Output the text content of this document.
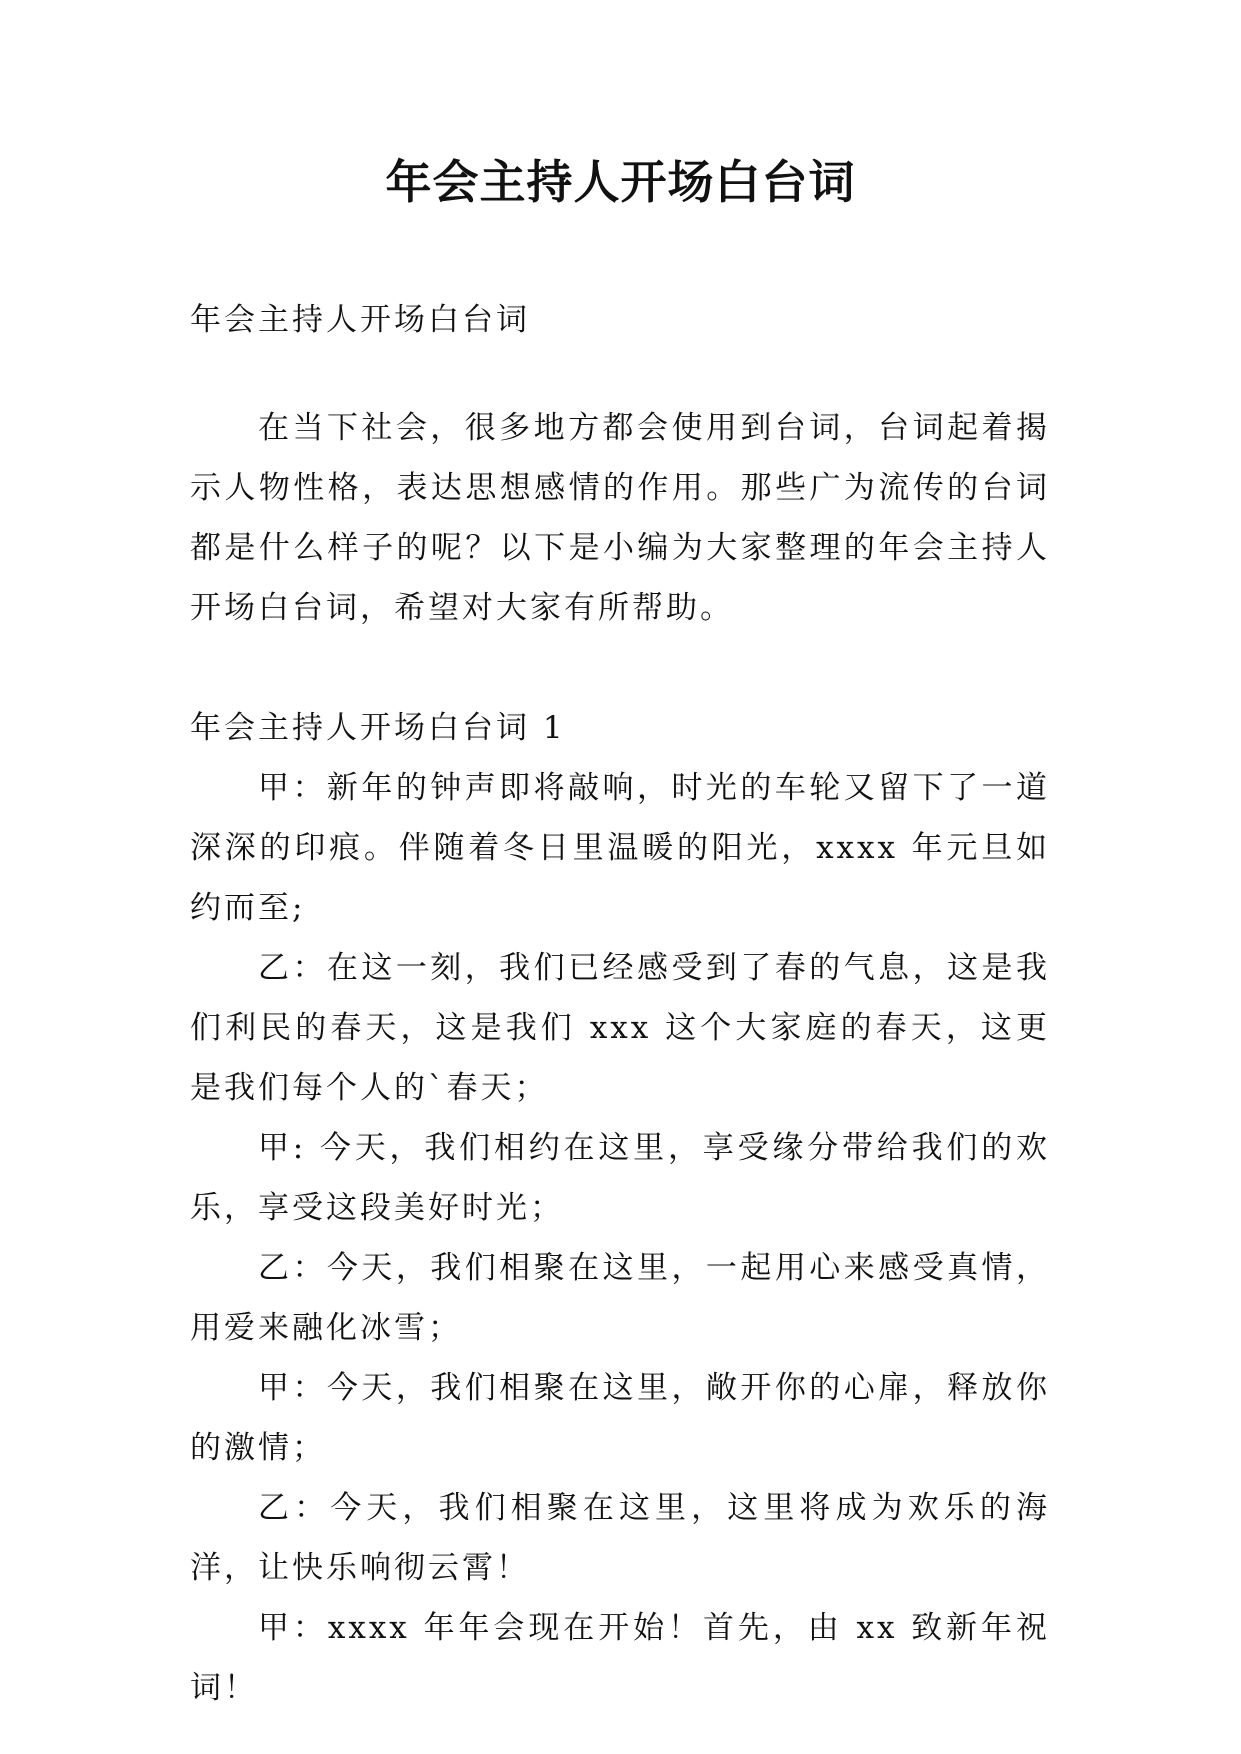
年会主持人开场白台词

年会主持人开场白台词

在当下社会，很多地方都会使用到台词，台词起着揭示人物性格，表达思想感情的作用。那些广为流传的台词都是什么样子的呢？以下是小编为大家整理的年会主持人开场白台词，希望对大家有所帮助。

年会主持人开场白台词 1

甲：新年的钟声即将敲响，时光的车轮又留下了一道深深的印痕。伴随着冬日里温暖的阳光，xxxx 年元旦如约而至;

乙：在这一刻，我们已经感受到了春的气息，这是我们利民的春天，这是我们 xxx 这个大家庭的春天，这更是我们每个人的`春天；

甲: 今天，我们相约在这里，享受缘分带给我们的欢乐，享受这段美好时光；

乙：今天，我们相聚在这里，一起用心来感受真情，用爱来融化冰雪；

甲：今天，我们相聚在这里，敞开你的心扉，释放你的激情；

乙：今天，我们相聚在这里，这里将成为欢乐的海洋，让快乐响彻云霄！

甲：xxxx 年年会现在开始！首先，由 xx 致新年祝词！
